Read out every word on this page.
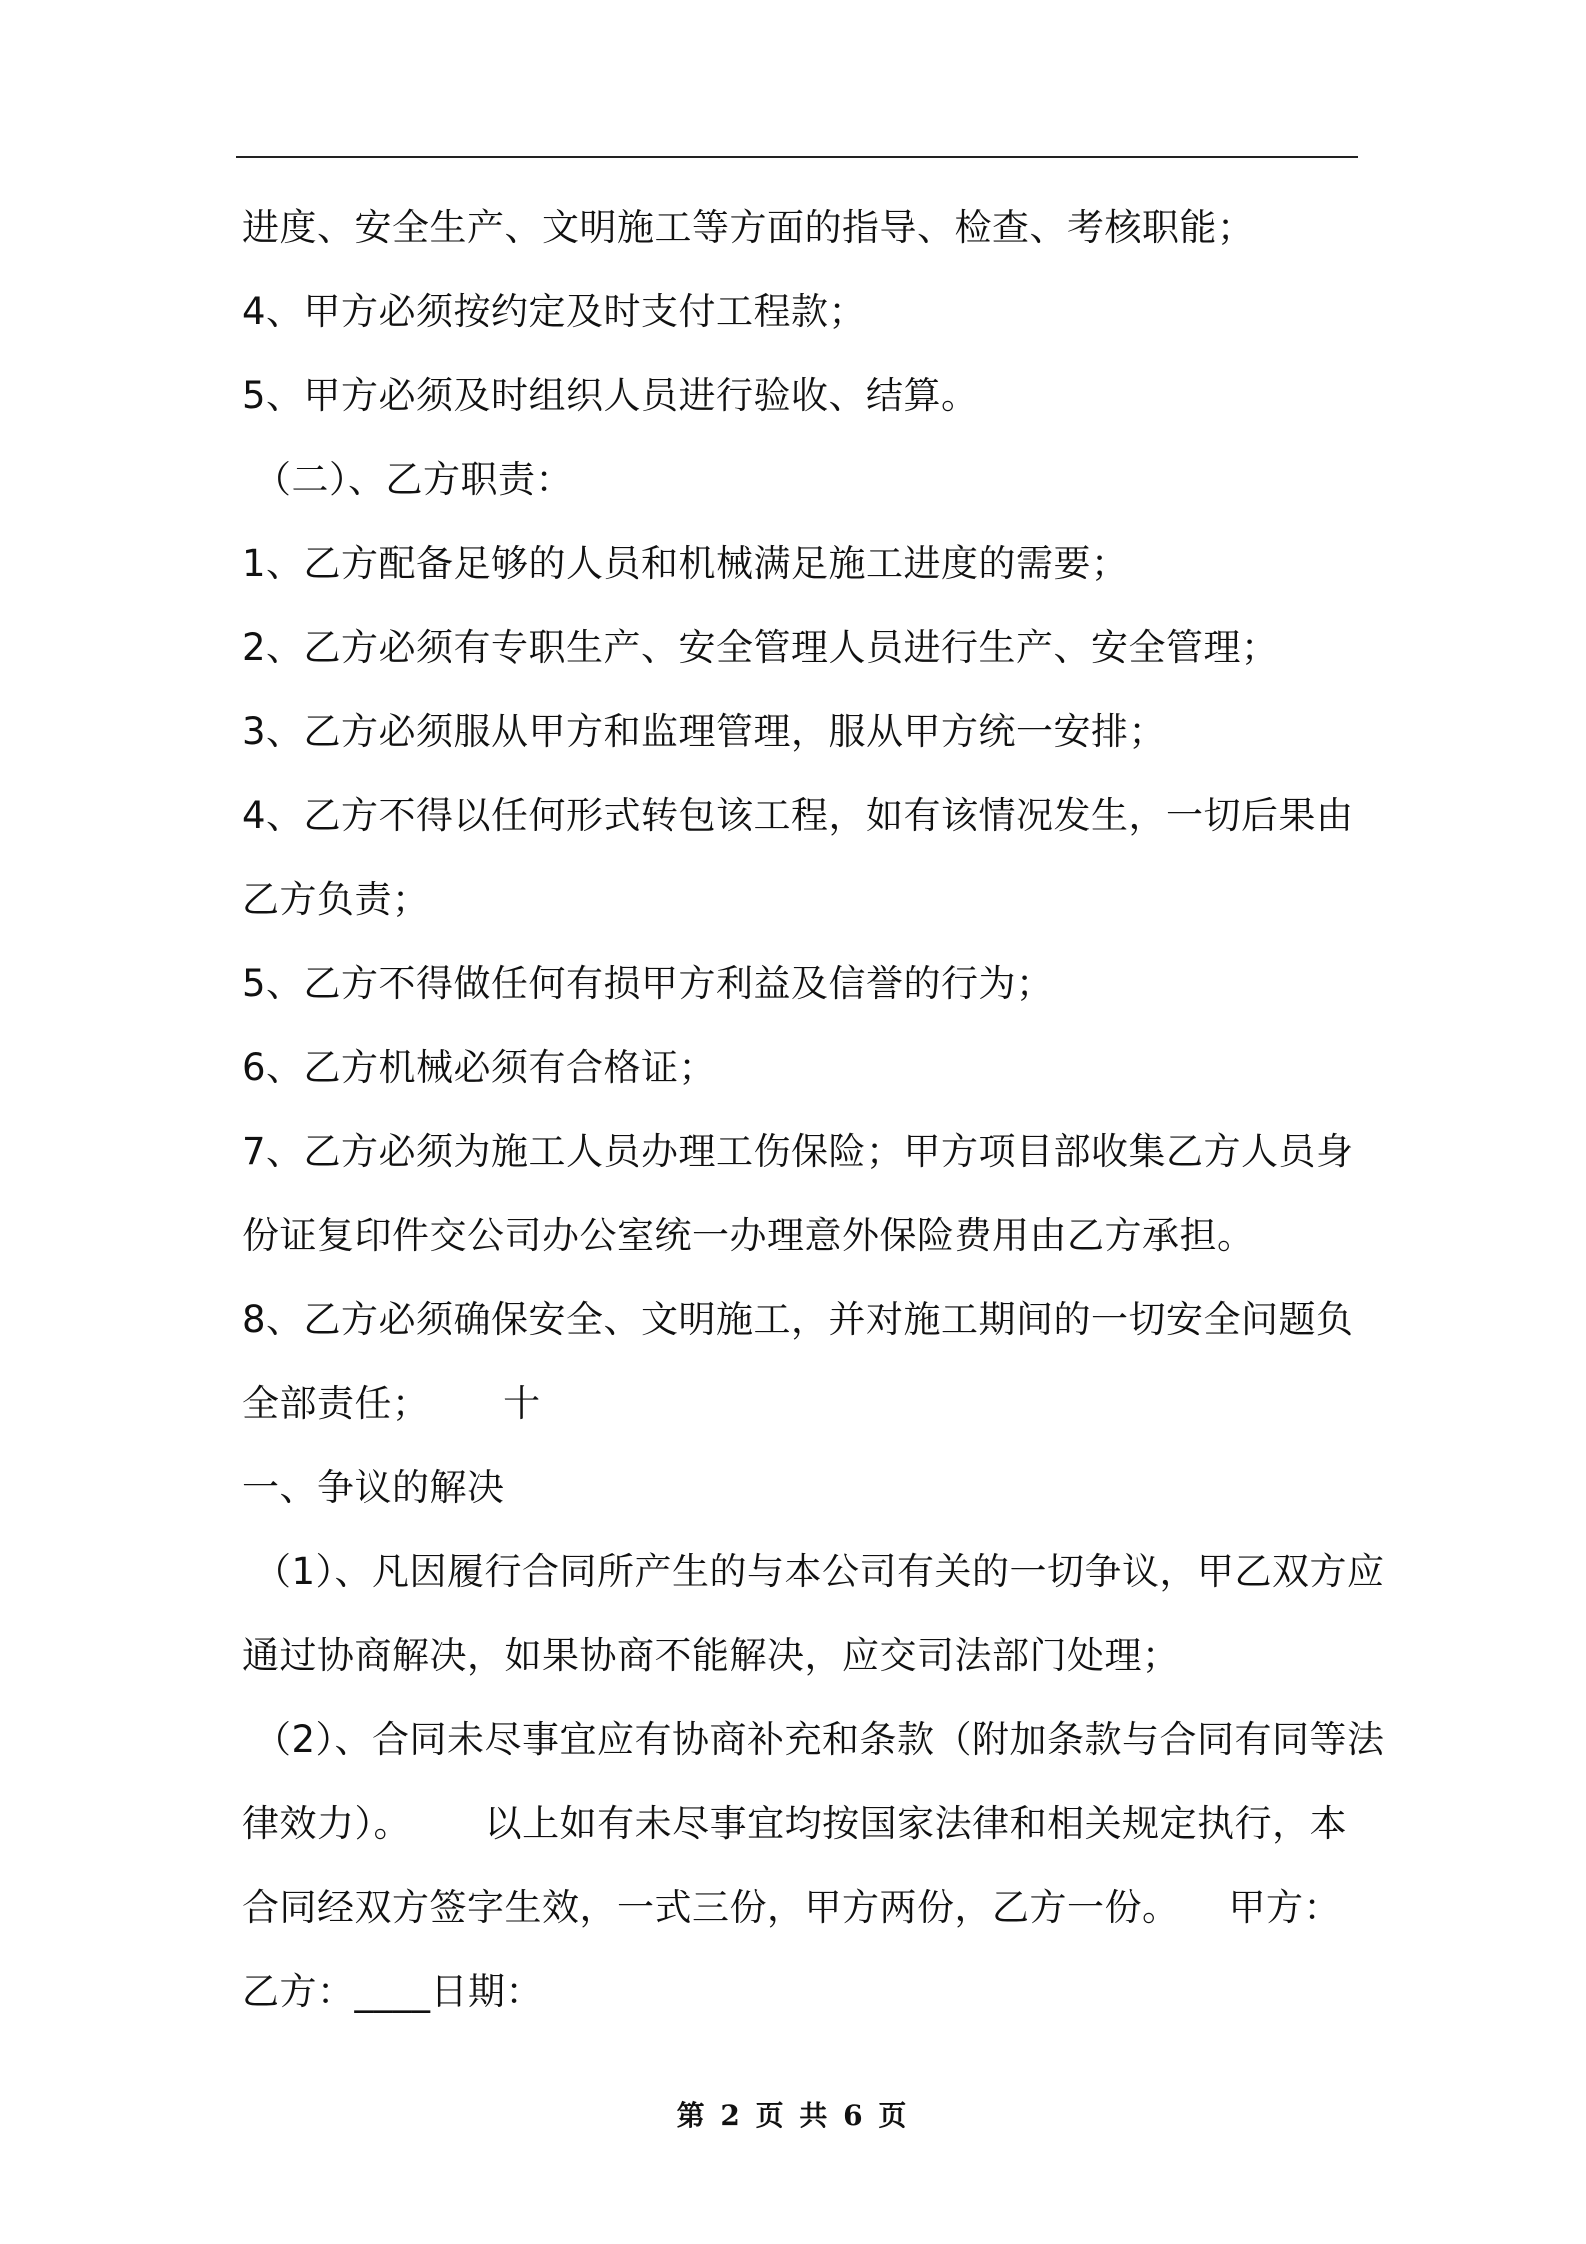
进度、安全生产、文明施工等方面的指导、检查、考核职能；
4、甲方必须按约定及时支付工程款；
5、甲方必须及时组织人员进行验收、结算。
（二）、乙方职责：
1、乙方配备足够的人员和机械满足施工进度的需要；
2、乙方必须有专职生产、安全管理人员进行生产、安全管理；
3、乙方必须服从甲方和监理管理，服从甲方统一安排；
4、乙方不得以任何形式转包该工程，如有该情况发生，一切后果由
乙方负责；
5、乙方不得做任何有损甲方利益及信誉的行为；
6、乙方机械必须有合格证；
7、乙方必须为施工人员办理工伤保险；甲方项目部收集乙方人员身
份证复印件交公司办公室统一办理意外保险费用由乙方承担。
8、乙方必须确保安全、文明施工，并对施工期间的一切安全问题负
全部责任；      十
一、争议的解决
（1）、凡因履行合同所产生的与本公司有关的一切争议，甲乙双方应
通过协商解决，如果协商不能解决，应交司法部门处理；
（2）、合同未尽事宜应有协商补充和条款（附加条款与合同有同等法
律效力）。      以上如有未尽事宜均按国家法律和相关规定执行，本
合同经双方签字生效，一式三份，甲方两份，乙方一份。    甲方：
乙方：____日期：
第 2 页 共 6 页
